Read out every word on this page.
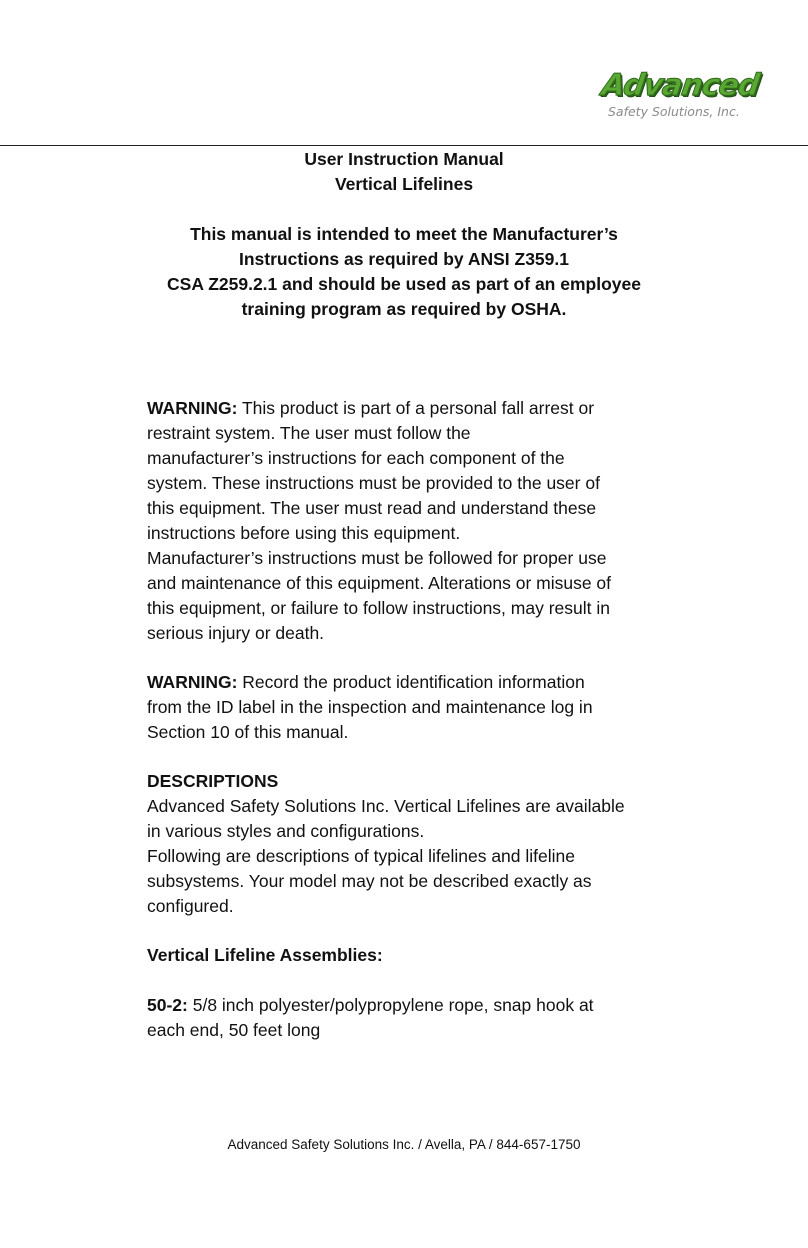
Advanced
Safety Solutions, Inc.
User Instruction Manual
Vertical Lifelines
This manual is intended to meet the Manufacturer’s
Instructions as required by ANSI Z359.1
CSA Z259.2.1 and should be used as part of an employee
training program as required by OSHA.
WARNING: This product is part of a personal fall arrest or
restraint system. The user must follow the
manufacturer’s instructions for each component of the
system. These instructions must be provided to the user of
this equipment. The user must read and understand these
instructions before using this equipment.
Manufacturer’s instructions must be followed for proper use
and maintenance of this equipment. Alterations or misuse of
this equipment, or failure to follow instructions, may result in
serious injury or death.
WARNING: Record the product identification information
from the ID label in the inspection and maintenance log in
Section 10 of this manual.
DESCRIPTIONS
Advanced Safety Solutions Inc. Vertical Lifelines are available
in various styles and configurations.
Following are descriptions of typical lifelines and lifeline
subsystems. Your model may not be described exactly as
configured.
Vertical Lifeline Assemblies:
50-2: 5/8 inch polyester/polypropylene rope, snap hook at
each end, 50 feet long
Advanced Safety Solutions Inc. / Avella, PA / 844-657-1750
